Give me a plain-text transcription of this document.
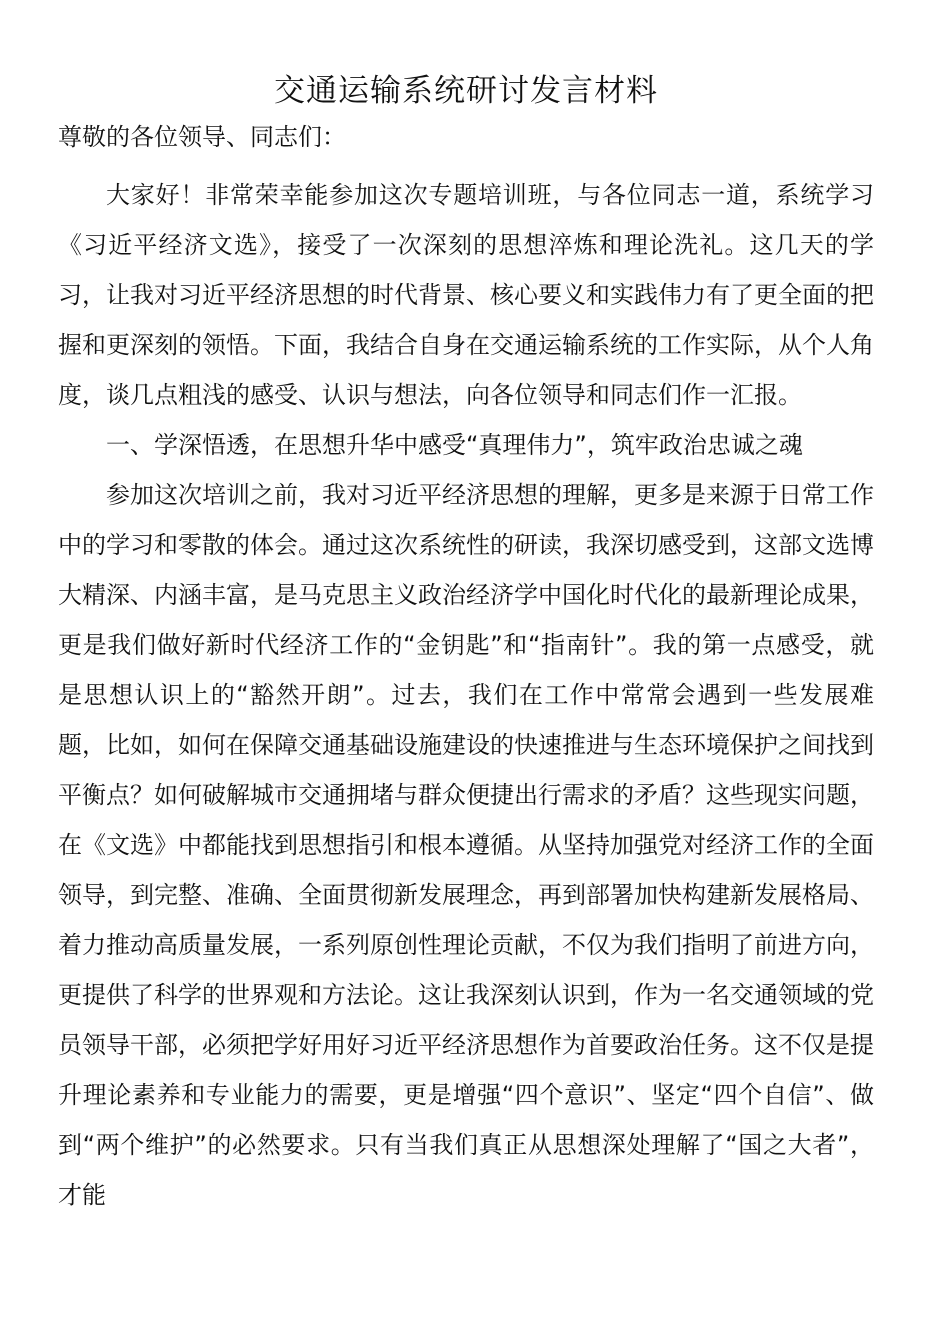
交通运输系统研讨发言材料

尊敬的各位领导、同志们：

大家好！非常荣幸能参加这次专题培训班，与各位同志一道，系统学习《习近平经济文选》，接受了一次深刻的思想淬炼和理论洗礼。这几天的学习，让我对习近平经济思想的时代背景、核心要义和实践伟力有了更全面的把握和更深刻的领悟。下面，我结合自身在交通运输系统的工作实际，从个人角度，谈几点粗浅的感受、认识与想法，向各位领导和同志们作一汇报。

一、学深悟透，在思想升华中感受“真理伟力”，筑牢政治忠诚之魂

参加这次培训之前，我对习近平经济思想的理解，更多是来源于日常工作中的学习和零散的体会。通过这次系统性的研读，我深切感受到，这部文选博大精深、内涵丰富，是马克思主义政治经济学中国化时代化的最新理论成果，更是我们做好新时代经济工作的“金钥匙”和“指南针”。我的第一点感受，就是思想认识上的“豁然开朗”。过去，我们在工作中常常会遇到一些发展难题，比如，如何在保障交通基础设施建设的快速推进与生态环境保护之间找到平衡点？如何破解城市交通拥堵与群众便捷出行需求的矛盾？这些现实问题，在《文选》中都能找到思想指引和根本遵循。从坚持加强党对经济工作的全面领导，到完整、准确、全面贯彻新发展理念，再到部署加快构建新发展格局、着力推动高质量发展，一系列原创性理论贡献，不仅为我们指明了前进方向，更提供了科学的世界观和方法论。这让我深刻认识到，作为一名交通领域的党员领导干部，必须把学好用好习近平经济思想作为首要政治任务。这不仅是提升理论素养和专业能力的需要，更是增强“四个意识”、坚定“四个自信”、做到“两个维护”的必然要求。只有当我们真正从思想深处理解了“国之大者”，才能
